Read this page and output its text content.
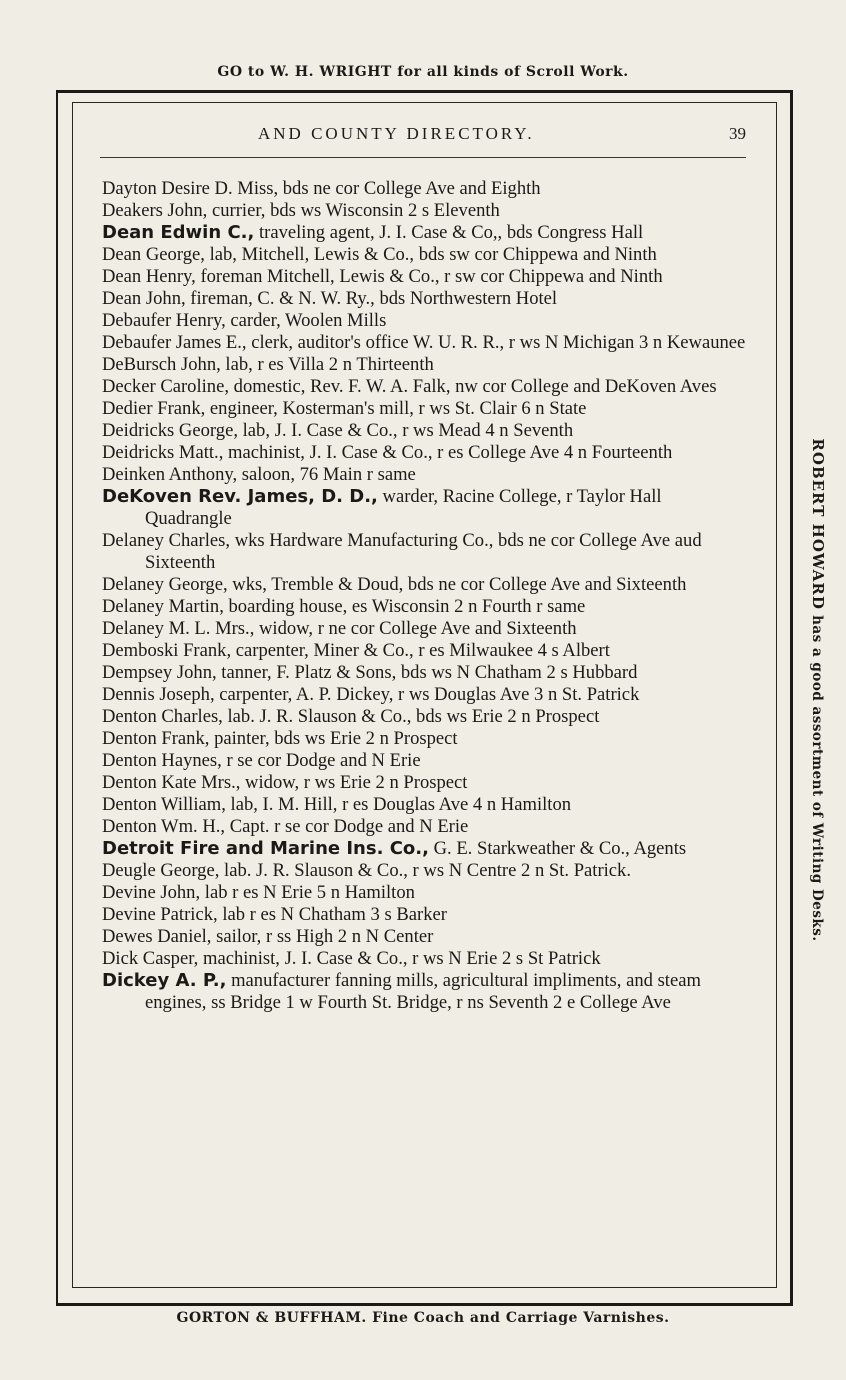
GO to W. H. WRIGHT for all kinds of Scroll Work.
AND COUNTY DIRECTORY.	39
Dayton Desire D. Miss, bds ne cor College Ave and Eighth
Deakers John, currier, bds ws Wisconsin 2 s Eleventh
Dean Edwin C., traveling agent, J. I. Case & Co,, bds Congress Hall
Dean George, lab, Mitchell, Lewis & Co., bds sw cor Chippewa and Ninth
Dean Henry, foreman Mitchell, Lewis & Co., r sw cor Chippewa and Ninth
Dean John, fireman, C. & N. W. Ry., bds Northwestern Hotel
Debaufer Henry, carder, Woolen Mills
Debaufer James E., clerk, auditor's office W. U. R. R., r ws N Michigan 3 n Kewaunee
DeBursch John, lab, r es Villa 2 n Thirteenth
Decker Caroline, domestic, Rev. F. W. A. Falk, nw cor College and DeKoven Aves
Dedier Frank, engineer, Kosterman's mill, r ws St. Clair 6 n State
Deidricks George, lab, J. I. Case & Co., r ws Mead 4 n Seventh
Deidricks Matt., machinist, J. I. Case & Co., r es College Ave 4 n Fourteenth
Deinken Anthony, saloon, 76 Main r same
DeKoven Rev. James, D. D., warder, Racine College, r Taylor Hall Quadrangle
Delaney Charles, wks Hardware Manufacturing Co., bds ne cor College Ave aud Sixteenth
Delaney George, wks, Tremble & Doud, bds ne cor College Ave and Sixteenth
Delaney Martin, boarding house, es Wisconsin 2 n Fourth r same
Delaney M. L. Mrs., widow, r ne cor College Ave and Sixteenth
Demboski Frank, carpenter, Miner & Co., r es Milwaukee 4 s Albert
Dempsey John, tanner, F. Platz & Sons, bds ws N Chatham 2 s Hubbard
Dennis Joseph, carpenter, A. P. Dickey, r ws Douglas Ave 3 n St. Patrick
Denton Charles, lab. J. R. Slauson & Co., bds ws Erie 2 n Prospect
Denton Frank, painter, bds ws Erie 2 n Prospect
Denton Haynes, r se cor Dodge and N Erie
Denton Kate Mrs., widow, r ws Erie 2 n Prospect
Denton William, lab, I. M. Hill, r es Douglas Ave 4 n Hamilton
Denton Wm. H., Capt. r se cor Dodge and N Erie
Detroit Fire and Marine Ins. Co., G. E. Starkweather & Co., Agents
Deugle George, lab. J. R. Slauson & Co., r ws N Centre 2 n St. Patrick.
Devine John, lab r es N Erie 5 n Hamilton
Devine Patrick, lab r es N Chatham 3 s Barker
Dewes Daniel, sailor, r ss High 2 n N Center
Dick Casper, machinist, J. I. Case & Co., r ws N Erie 2 s St Patrick
Dickey A. P., manufacturer fanning mills, agricultural impliments, and steam engines, ss Bridge 1 w Fourth St. Bridge, r ns Seventh 2 e College Ave
ROBERT HOWARD has a good assortment of Writing Desks.
GORTON & BUFFHAM. Fine Coach and Carriage Varnishes.
